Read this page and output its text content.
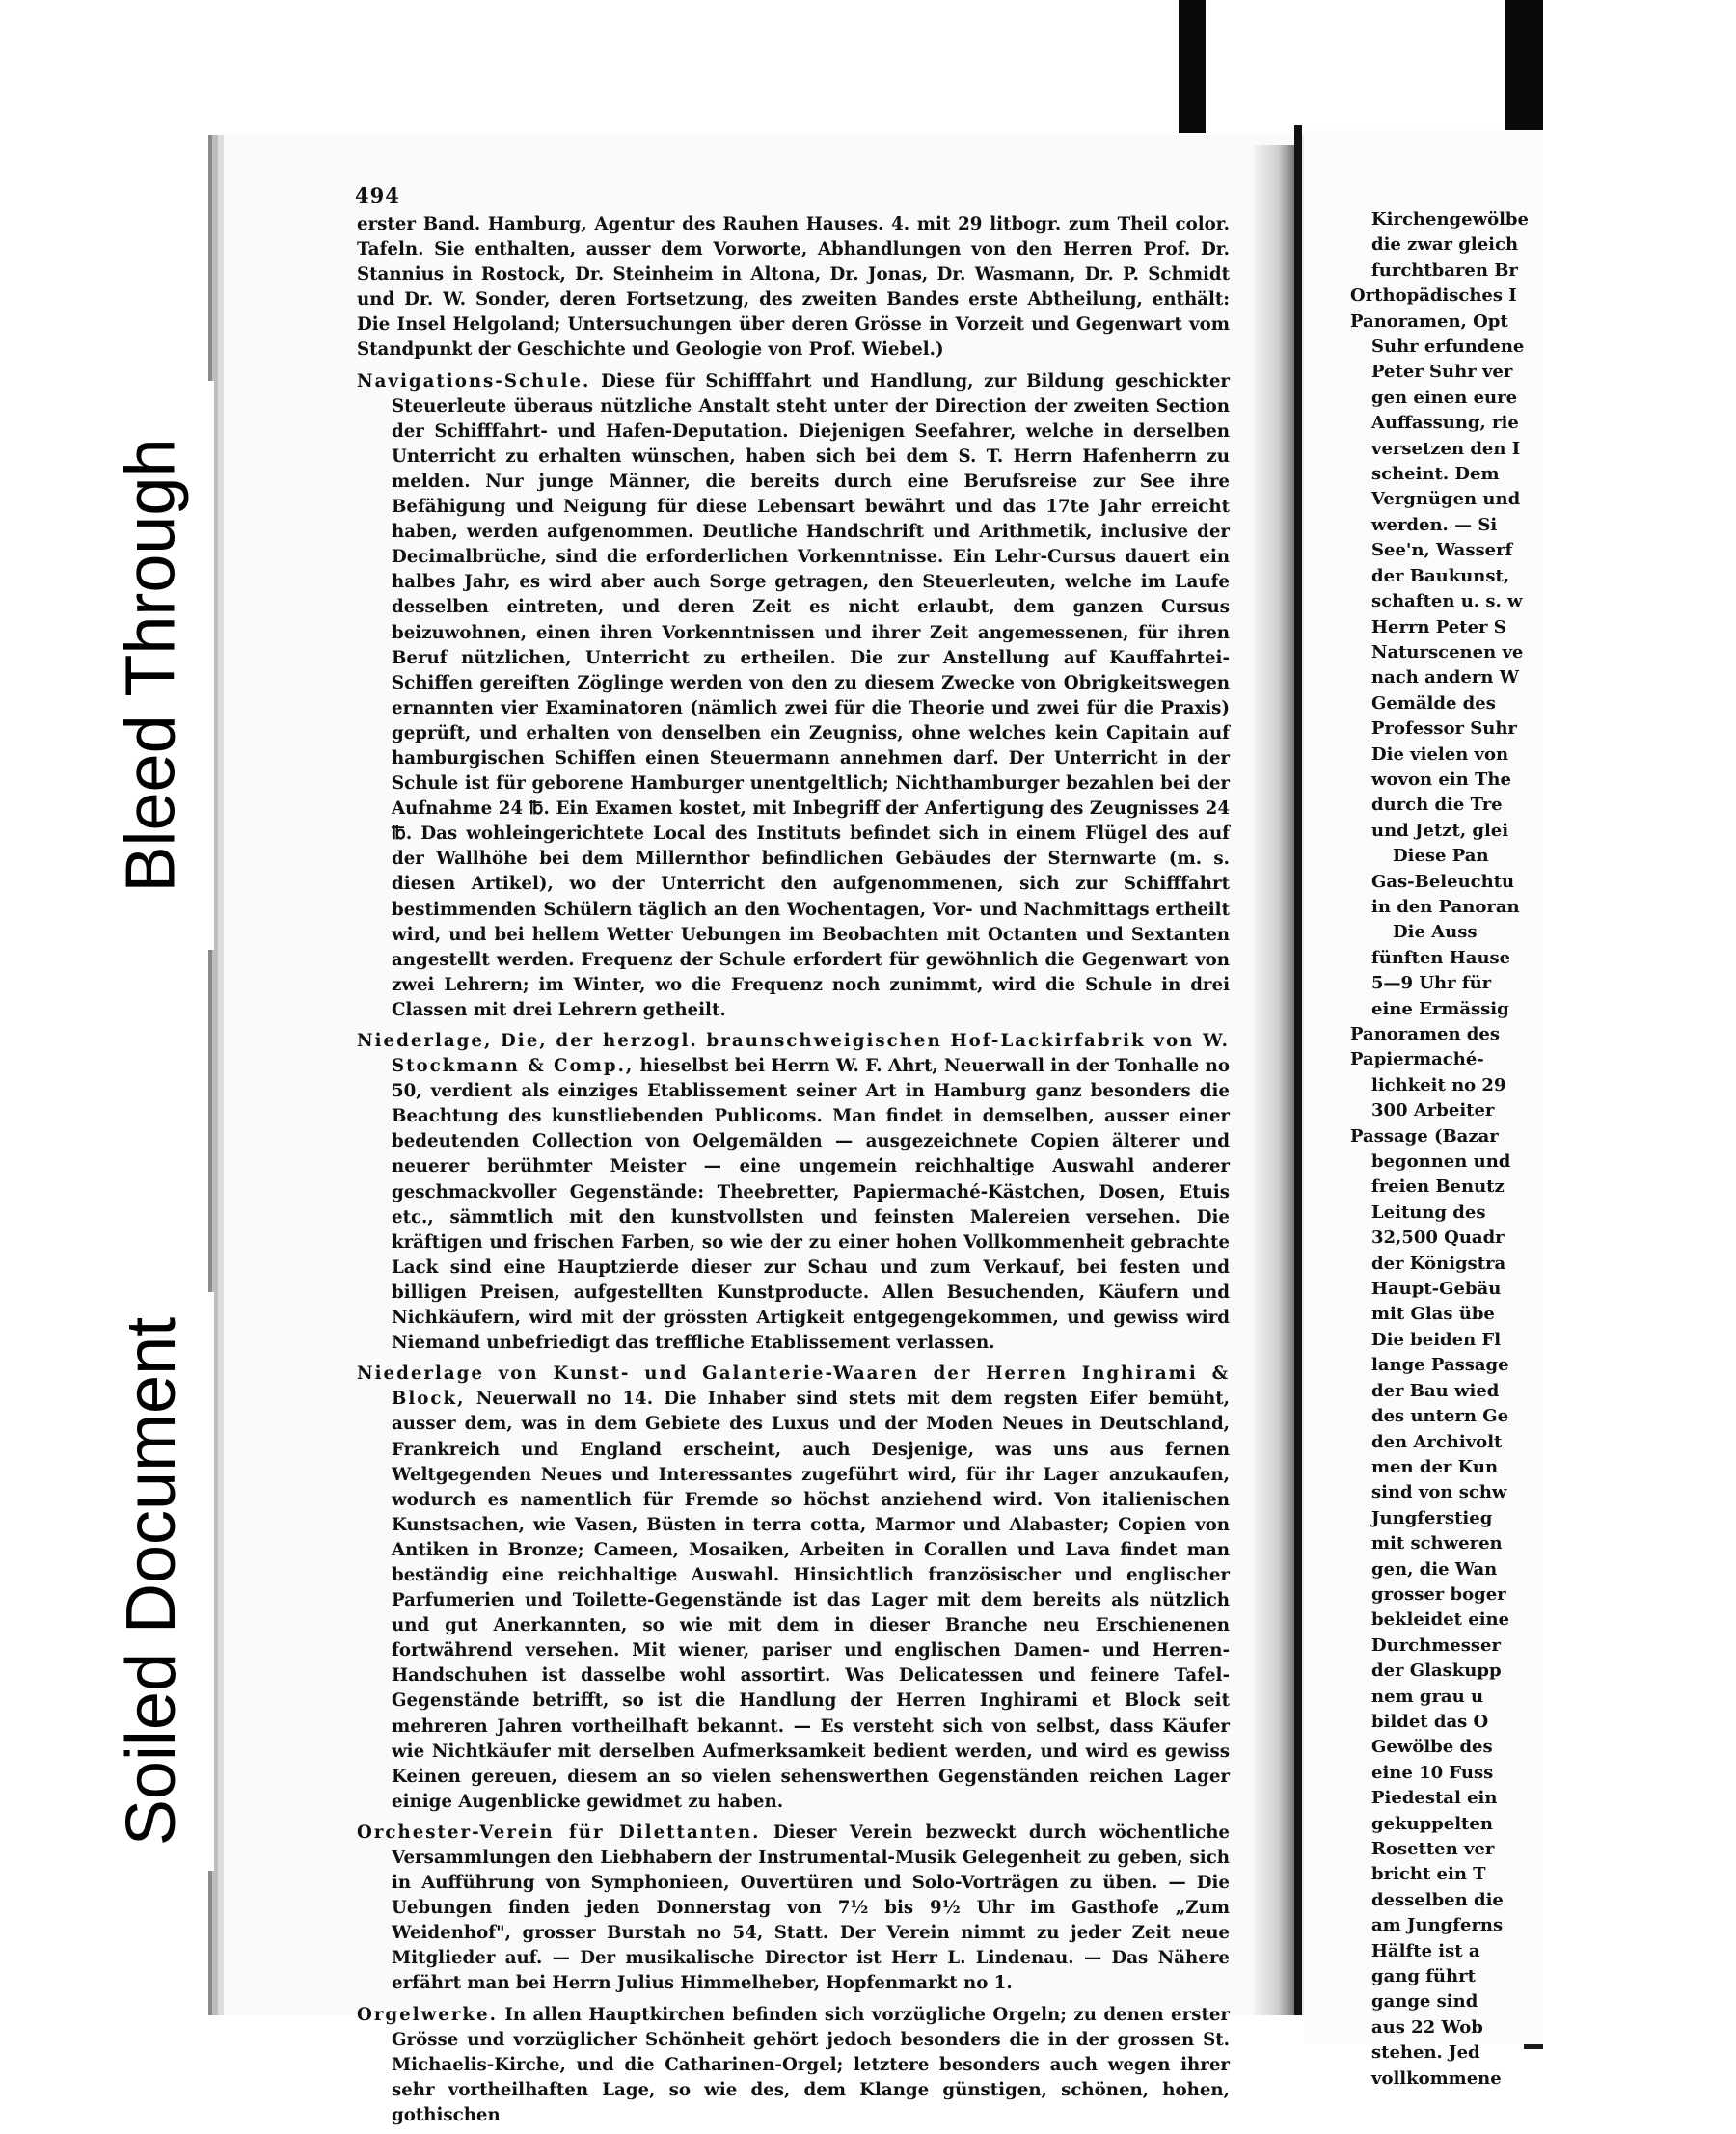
494

erster Band. Hamburg, Agentur des Rauhen Hauses. 4. mit 29 litbogr. zum Theil color. Tafeln. Sie enthalten, ausser dem Vorworte, Abhandlungen von den Herren Prof. Dr. Stannius in Rostock, Dr. Steinheim in Altona, Dr. Jonas, Dr. Wasmann, Dr. P. Schmidt und Dr. W. Sonder, deren Fortsetzung, des zweiten Bandes erste Abtheilung, enthält: Die Insel Helgoland; Untersuchungen über deren Grösse in Vorzeit und Gegenwart vom Standpunkt der Geschichte und Geologie von Prof. Wiebel.)

Navigations-Schule. Diese für Schifffahrt und Handlung, zur Bildung geschickter Steuerleute überaus nützliche Anstalt steht unter der Direction der zweiten Section der Schifffahrt- und Hafen-Deputation. Diejenigen Seefahrer, welche in derselben Unterricht zu erhalten wünschen, haben sich bei dem S. T. Herrn Hafenherrn zu melden. Nur junge Männer, die bereits durch eine Berufsreise zur See ihre Befähigung und Neigung für diese Lebensart bewährt und das 17te Jahr erreicht haben, werden aufgenommen. Deutliche Handschrift und Arithmetik, inclusive der Decimalbrüche, sind die erforderlichen Vorkenntnisse. Ein Lehr-Cursus dauert ein halbes Jahr, es wird aber auch Sorge getragen, den Steuerleuten, welche im Laufe desselben eintreten, und deren Zeit es nicht erlaubt, dem ganzen Cursus beizuwohnen, einen ihren Vorkenntnissen und ihrer Zeit angemessenen, für ihren Beruf nützlichen, Unterricht zu ertheilen. Die zur Anstellung auf Kauffahrtei-Schiffen gereiften Zöglinge werden von den zu diesem Zwecke von Obrigkeitswegen ernannten vier Examinatoren (nämlich zwei für die Theorie und zwei für die Praxis) geprüft, und erhalten von denselben ein Zeugniss, ohne welches kein Capitain auf hamburgischen Schiffen einen Steuermann annehmen darf. Der Unterricht in der Schule ist für geborene Hamburger unentgeltlich; Nichthamburger bezahlen bei der Aufnahme 24 ℔. Ein Examen kostet, mit Inbegriff der Anfertigung des Zeugnisses 24 ℔. Das wohleingerichtete Local des Instituts befindet sich in einem Flügel des auf der Wallhöhe bei dem Millernthor befindlichen Gebäudes der Sternwarte (m. s. diesen Artikel), wo der Unterricht den aufgenommenen, sich zur Schifffahrt bestimmenden Schülern täglich an den Wochentagen, Vor- und Nachmittags ertheilt wird, und bei hellem Wetter Uebungen im Beobachten mit Octanten und Sextanten angestellt werden. Frequenz der Schule erfordert für gewöhnlich die Gegenwart von zwei Lehrern; im Winter, wo die Frequenz noch zunimmt, wird die Schule in drei Classen mit drei Lehrern getheilt.

Niederlage, Die, der herzogl. braunschweigischen Hof-Lackirfabrik von W. Stockmann & Comp., hieselbst bei Herrn W. F. Ahrt, Neuerwall in der Tonhalle no 50, verdient als einziges Etablissement seiner Art in Hamburg ganz besonders die Beachtung des kunstliebenden Publicoms. Man findet in demselben, ausser einer bedeutenden Collection von Oelgemälden — ausgezeichnete Copien älterer und neuerer berühmter Meister — eine ungemein reichhaltige Auswahl anderer geschmackvoller Gegenstände: Theebretter, Papiermaché-Kästchen, Dosen, Etuis etc., sämmtlich mit den kunstvollsten und feinsten Malereien versehen. Die kräftigen und frischen Farben, so wie der zu einer hohen Vollkommenheit gebrachte Lack sind eine Hauptzierde dieser zur Schau und zum Verkauf, bei festen und billigen Preisen, aufgestellten Kunstproducte. Allen Besuchenden, Käufern und Nichkäufern, wird mit der grössten Artigkeit entgegengekommen, und gewiss wird Niemand unbefriedigt das treffliche Etablissement verlassen.

Niederlage von Kunst- und Galanterie-Waaren der Herren Inghirami & Block, Neuerwall no 14. Die Inhaber sind stets mit dem regsten Eifer bemüht, ausser dem, was in dem Gebiete des Luxus und der Moden Neues in Deutschland, Frankreich und England erscheint, auch Desjenige, was uns aus fernen Weltgegenden Neues und Interessantes zugeführt wird, für ihr Lager anzukaufen, wodurch es namentlich für Fremde so höchst anziehend wird. Von italienischen Kunstsachen, wie Vasen, Büsten in terra cotta, Marmor und Alabaster; Copien von Antiken in Bronze; Cameen, Mosaiken, Arbeiten in Corallen und Lava findet man beständig eine reichhaltige Auswahl. Hinsichtlich französischer und englischer Parfumerien und Toilette-Gegenstände ist das Lager mit dem bereits als nützlich und gut Anerkannten, so wie mit dem in dieser Branche neu Erschienenen fortwährend versehen. Mit wiener, pariser und englischen Damen- und Herren-Handschuhen ist dasselbe wohl assortirt. Was Delicatessen und feinere Tafel-Gegenstände betrifft, so ist die Handlung der Herren Inghirami et Block seit mehreren Jahren vortheilhaft bekannt. — Es versteht sich von selbst, dass Käufer wie Nichtkäufer mit derselben Aufmerksamkeit bedient werden, und wird es gewiss Keinen gereuen, diesem an so vielen sehenswerthen Gegenständen reichen Lager einige Augenblicke gewidmet zu haben.

Orchester-Verein für Dilettanten. Dieser Verein bezweckt durch wöchentliche Versammlungen den Liebhabern der Instrumental-Musik Gelegenheit zu geben, sich in Aufführung von Symphonieen, Ouvertüren und Solo-Vorträgen zu üben. — Die Uebungen finden jeden Donnerstag von 7½ bis 9½ Uhr im Gasthofe „Zum Weidenhof", grosser Burstah no 54, Statt. Der Verein nimmt zu jeder Zeit neue Mitglieder auf. — Der musikalische Director ist Herr L. Lindenau. — Das Nähere erfährt man bei Herrn Julius Himmelheber, Hopfenmarkt no 1.

Orgelwerke. In allen Hauptkirchen befinden sich vorzügliche Orgeln; zu denen erster Grösse und vorzüglicher Schönheit gehört jedoch besonders die in der grossen St. Michaelis-Kirche, und die Catharinen-Orgel; letztere besonders auch wegen ihrer sehr vortheilhaften Lage, so wie des, dem Klange günstigen, schönen, hohen, gothischen

Kirchengewölbe
die zwar gleich
furchtbaren Br
Orthopädisches I
Panoramen, Opt
Suhr erfundene
Peter Suhr ver
gen einen eure
Auffassung, rie
versetzen den I
scheint. Dem
Vergnügen und
werden. — Si
See'n, Wasserf
der Baukunst,
schaften u. s. w
Herrn Peter S
Naturscenen ve
nach andern W
Gemälde des
Professor Suhr
Die vielen von
wovon ein The
durch die Tre
und Jetzt, glei
Diese Pan
Gas-Beleuchtu
in den Panoran
Die Auss
fünften Hause
5—9 Uhr für
eine Ermässig
Panoramen des
Papiermaché-
lichkeit no 29
300 Arbeiter
Passage (Bazar
begonnen und
freien Benutz
Leitung des
32,500 Quadr
der Königstra
Haupt-Gebäu
mit Glas übe
Die beiden Fl
lange Passage
der Bau wied
des untern Ge
den Archivolt
men der Kun
sind von schw
Jungferstieg
mit schweren
gen, die Wan
grosser boger
bekleidet eine
Durchmesser
der Glaskupp
nem grau u
bildet das O
Gewölbe des
eine 10 Fuss
Piedestal ein
gekuppelten
Rosetten ver
bricht ein T
desselben die
am Jungferns
Hälfte ist a
gang führt
gange sind
aus 22 Wob
stehen. Jed
vollkommene
Bleed Through
Soiled Document
